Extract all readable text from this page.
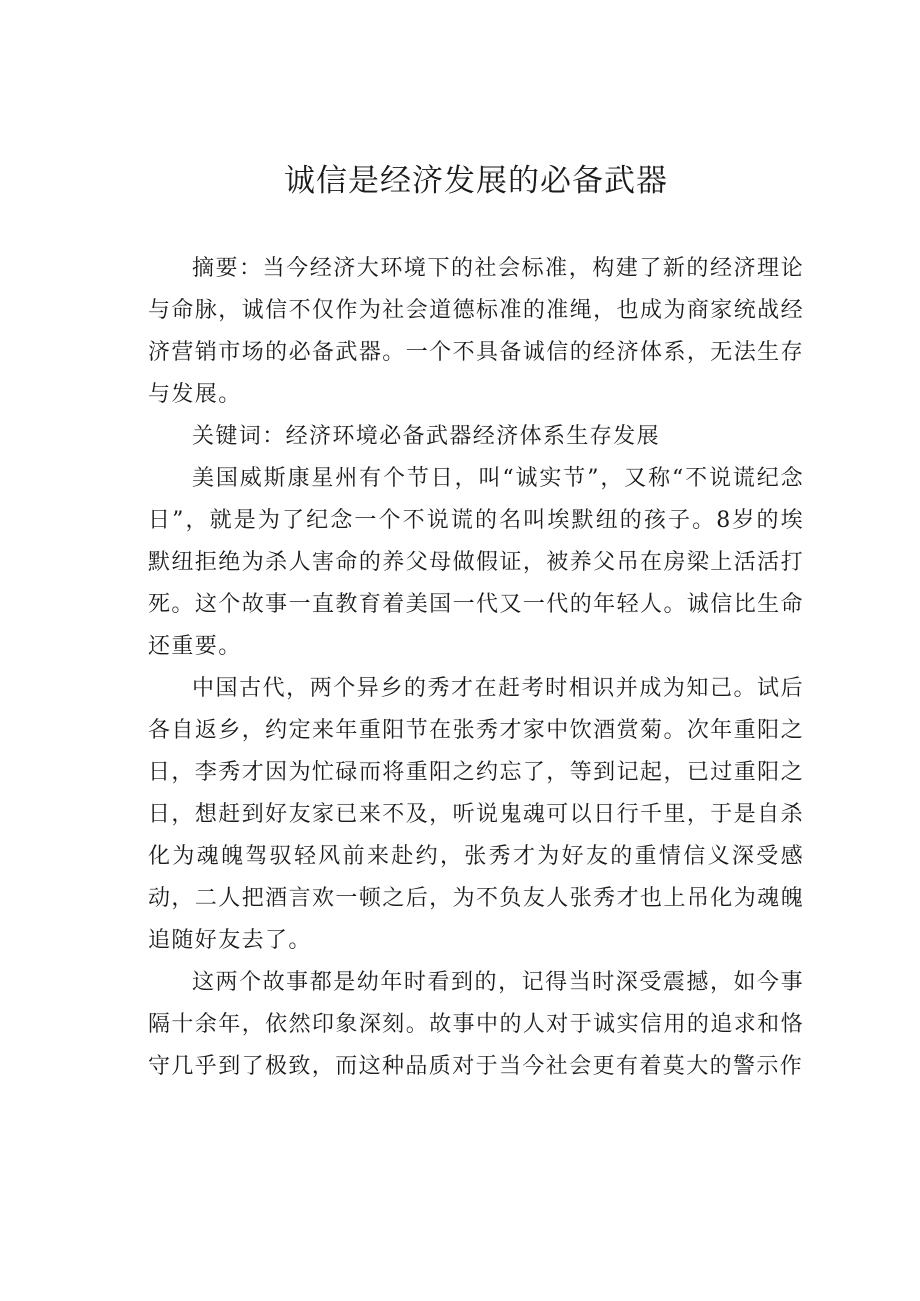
诚信是经济发展的必备武器

摘要：当今经济大环境下的社会标准，构建了新的经济理论与命脉，诚信不仅作为社会道德标准的准绳，也成为商家统战经济营销市场的必备武器。一个不具备诚信的经济体系，无法生存与发展。

关键词：经济环境必备武器经济体系生存发展

美国威斯康星州有个节日，叫“诚实节”，又称“不说谎纪念日”，就是为了纪念一个不说谎的名叫埃默纽的孩子。8岁的埃默纽拒绝为杀人害命的养父母做假证，被养父吊在房梁上活活打死。这个故事一直教育着美国一代又一代的年轻人。诚信比生命还重要。

中国古代，两个异乡的秀才在赶考时相识并成为知己。试后各自返乡，约定来年重阳节在张秀才家中饮酒赏菊。次年重阳之日，李秀才因为忙碌而将重阳之约忘了，等到记起，已过重阳之日，想赶到好友家已来不及，听说鬼魂可以日行千里，于是自杀化为魂魄驾驭轻风前来赴约，张秀才为好友的重情信义深受感动，二人把酒言欢一顿之后，为不负友人张秀才也上吊化为魂魄追随好友去了。

这两个故事都是幼年时看到的，记得当时深受震撼，如今事隔十余年，依然印象深刻。故事中的人对于诚实信用的追求和恪守几乎到了极致，而这种品质对于当今社会更有着莫大的警示作
